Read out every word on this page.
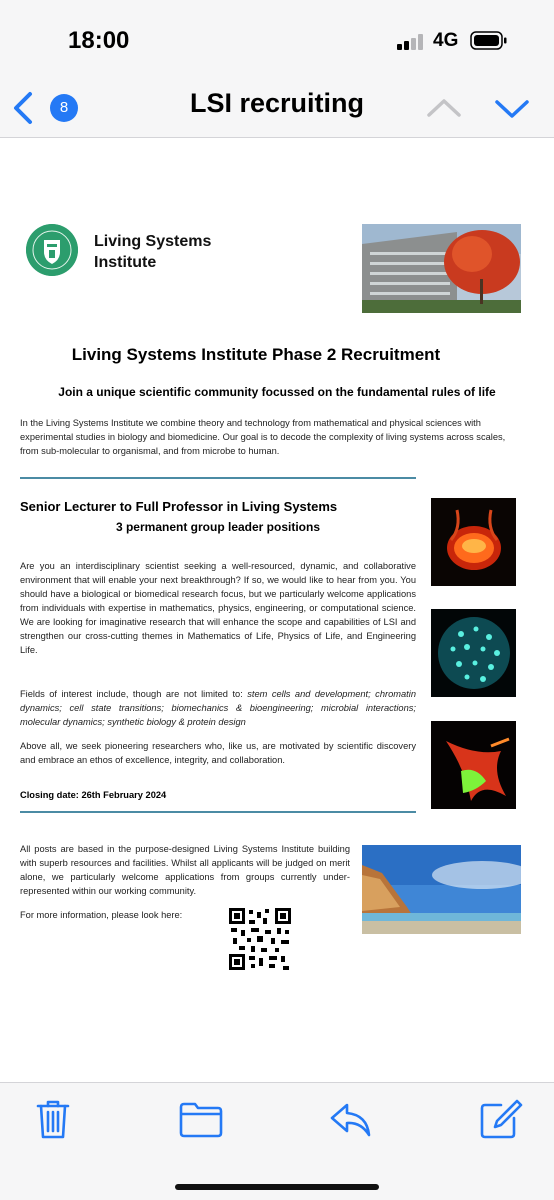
18:00	4G
8	LSI recruiting
Living Systems Institute
Living Systems Institute Phase 2 Recruitment
Join a unique scientific community focussed on the fundamental rules of life
In the Living Systems Institute we combine theory and technology from mathematical and physical sciences with experimental studies in biology and biomedicine. Our goal is to decode the complexity of living systems across scales, from sub-molecular to organismal, and from microbe to human.
Senior Lecturer to Full Professor in Living Systems
3 permanent group leader positions
Are you an interdisciplinary scientist seeking a well-resourced, dynamic, and collaborative environment that will enable your next breakthrough? If so, we would like to hear from you. You should have a biological or biomedical research focus, but we particularly welcome applications from individuals with expertise in mathematics, physics, engineering, or computational science. We are looking for imaginative research that will enhance the scope and capabilities of LSI and strengthen our cross-cutting themes in Mathematics of Life, Physics of Life, and Engineering Life.
Fields of interest include, though are not limited to: stem cells and development; chromatin dynamics; cell state transitions; biomechanics & bioengineering; microbial interactions; molecular dynamics; synthetic biology & protein design
Above all, we seek pioneering researchers who, like us, are motivated by scientific discovery and embrace an ethos of excellence, integrity, and collaboration.
Closing date: 26th February 2024
All posts are based in the purpose-designed Living Systems Institute building with superb resources and facilities. Whilst all applicants will be judged on merit alone, we particularly welcome applications from groups currently under-represented within our working community.
For more information, please look here:
